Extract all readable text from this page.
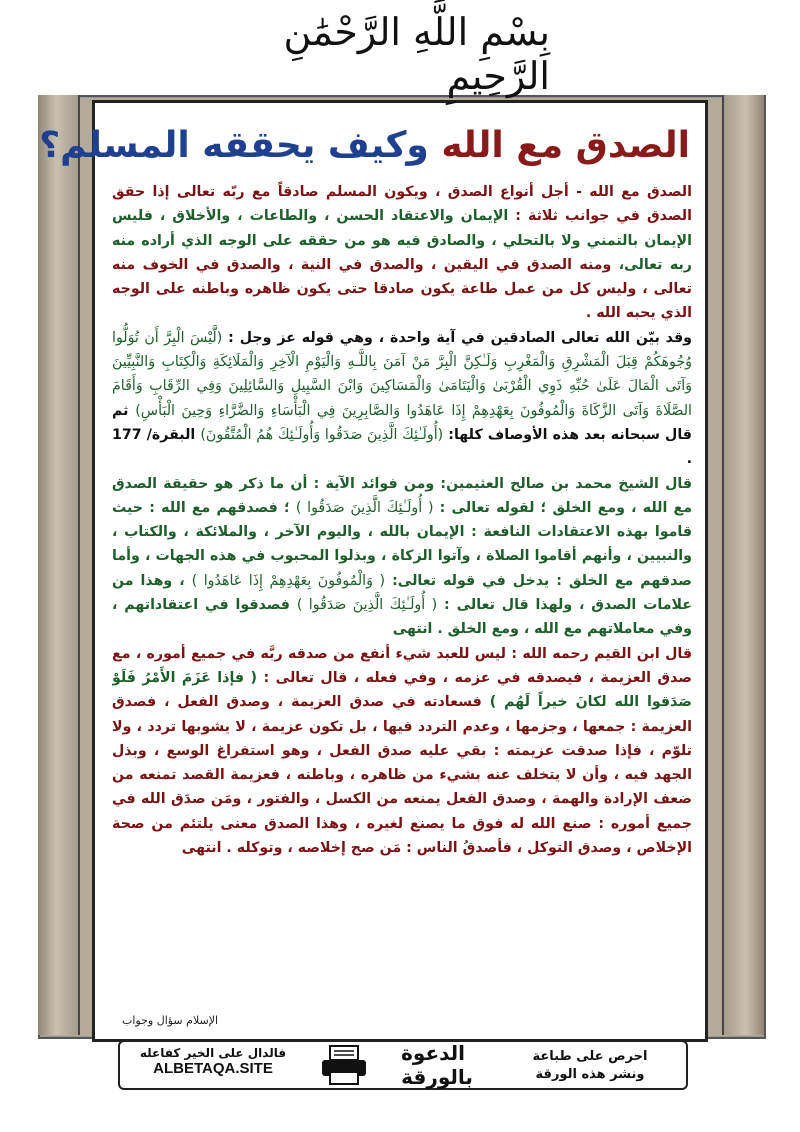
بِسْمِ اللَّهِ الرَّحْمَٰنِ الرَّحِيمِ
الصدق مع الله وكيف يحققه المسلم؟

الصدق مع الله - أجل أنواع الصدق ، ويكون المسلم صادقاً مع ربّه تعالى إذا حقق الصدق في جوانب ثلاثة : الإيمان والاعتقاد الحسن ، والطاعات ، والأخلاق ، فليس الإيمان بالتمني ولا بالتحلي ، والصادق فيه هو من حققه على الوجه الذي أراده منه ربه تعالى، ومنه الصدق في اليقين ، والصدق في النية ، والصدق في الخوف منه تعالى ، وليس كل من عمل طاعة يكون صادقا حتى يكون ظاهره وباطنه على الوجه الذي يحبه الله .

وقد بيّن الله تعالى الصادقين في آية واحدة ، وهي قوله عز وجل : (لَّيْسَ الْبِرَّ أَن تُوَلُّوا وُجُوهَكُمْ قِبَلَ الْمَشْرِقِ وَالْمَغْرِبِ وَلَـٰكِنَّ الْبِرَّ مَنْ آمَنَ بِاللَّـهِ وَالْيَوْمِ الْآخِرِ وَالْمَلَائِكَةِ وَالْكِتَابِ وَالنَّبِيِّينَ وَآتَى الْمَالَ عَلَىٰ حُبِّهِ ذَوِي الْقُرْبَىٰ وَالْيَتَامَىٰ وَالْمَسَاكِينَ وَابْنَ السَّبِيلِ وَالسَّائِلِينَ وَفِي الرِّقَابِ وَأَقَامَ الصَّلَاةَ وَآتَى الزَّكَاةَ وَالْمُوفُونَ بِعَهْدِهِمْ إِذَا عَاهَدُوا وَالصَّابِرِينَ فِي الْبَأْسَاءِ وَالضَّرَّاءِ وَحِينَ الْبَأْسِ) ثم قال سبحانه بعد هذه الأوصاف كلها: (أُولَـٰئِكَ الَّذِينَ صَدَقُوا وَأُولَـٰئِكَ هُمُ الْمُتَّقُونَ) البقرة/ 177 .

قال الشيخ محمد بن صالح العثيمين: ومن فوائد الآية : أن ما ذكر هو حقيقة الصدق مع الله ، ومع الخلق ؛ لقوله تعالى : ( أُولَـٰئِكَ الَّذِينَ صَدَقُوا ) ؛ فصدقهم مع الله : حيث قاموا بهذه الاعتقادات النافعة : الإيمان بالله ، واليوم الآخر ، والملائكة ، والكتاب ، والنبيين ، وأنهم أقاموا الصلاة ، وآتوا الزكاة ، وبذلوا المحبوب في هذه الجهات ، وأما صدقهم مع الخلق : يدخل في قوله تعالى: ( وَالْمُوفُونَ بِعَهْدِهِمْ إِذَا عَاهَدُوا ) ، وهذا من علامات الصدق ، ولهذا قال تعالى : ( أُولَـٰئِكَ الَّذِينَ صَدَقُوا ) فصدقوا في اعتقاداتهم ، وفي معاملاتهم مع الله ، ومع الخلق . انتهى

قال ابن القيم رحمه الله : ليس للعبد شيء أنفع من صدقه ربَّه في جميع أموره ، مع صدق العزيمة ، فيصدقه في عزمه ، وفي فعله ، قال تعالى : ( فإذا عَزَمَ الأَمْرُ فَلَوْ صَدَقوا الله لكانَ خيراً لَهُم ) فسعادته في صدق العزيمة ، وصدق الفعل ، فصدق العزيمة : جمعها ، وجزمها ، وعدم التردد فيها ، بل تكون عزيمة ، لا يشوبها تردد ، ولا تلوّم ، فإذا صدقت عزيمته : بقي عليه صدق الفعل ، وهو استفراغ الوسع ، وبذل الجهد فيه ، وأن لا يتخلف عنه بشيء من ظاهره ، وباطنه ، فعزيمة القصد تمنعه من ضعف الإرادة والهمة ، وصدق الفعل يمنعه من الكسل ، والفتور ، ومَن صدَق الله في جميع أموره : صنع الله له فوق ما يصنع لغيره ، وهذا الصدق معنى يلتئم من صحة الإخلاص ، وصدق التوكل ، فأصدقُ الناس : مَن صح إخلاصه ، وتوكله . انتهى

الإسلام سؤال وجواب
فالدال على الخير كفاعله
ALBETAQA.SITE
الدعوة بالورقة
احرص على طباعة
ونشر هذه الورقة
